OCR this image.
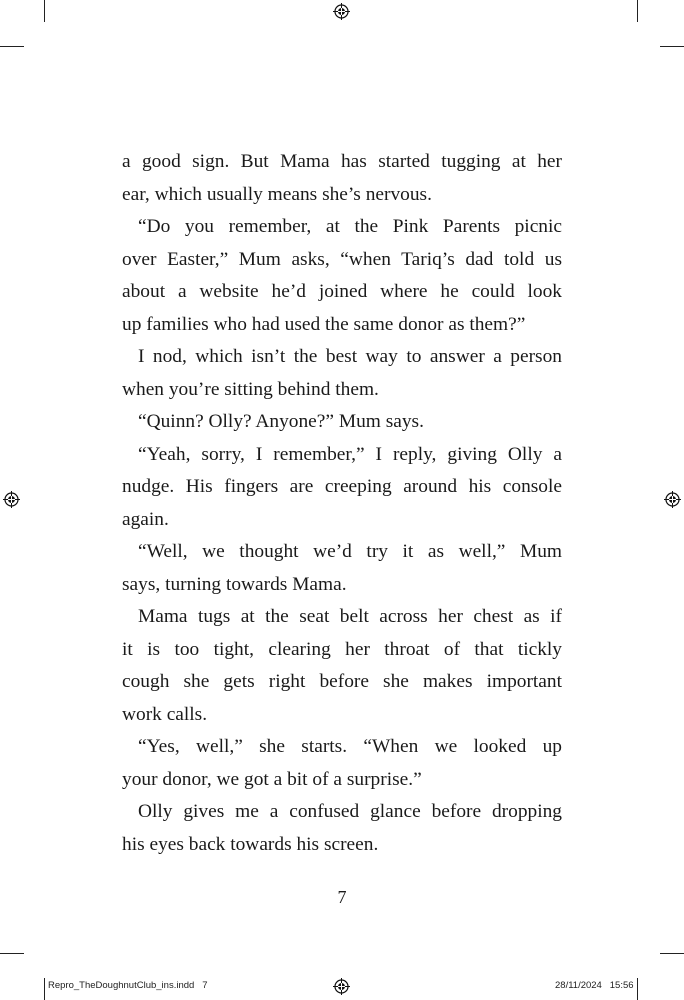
a good sign. But Mama has started tugging at her
ear, which usually means she’s nervous.
“Do you remember, at the Pink Parents picnic
over Easter,” Mum asks, “when Tariq’s dad told us
about a website he’d joined where he could look
up families who had used the same donor as them?”
I nod, which isn’t the best way to answer a person
when you’re sitting behind them.
“Quinn? Olly? Anyone?” Mum says.
“Yeah, sorry, I remember,” I reply, giving Olly a
nudge. His fingers are creeping around his console
again.
“Well, we thought we’d try it as well,” Mum
says, turning towards Mama.
Mama tugs at the seat belt across her chest as if
it is too tight, clearing her throat of that tickly
cough she gets right before she makes important
work calls.
“Yes, well,” she starts. “When we looked up
your donor, we got a bit of a surprise.”
Olly gives me a confused glance before dropping
his eyes back towards his screen.
7
Repro_TheDoughnutClub_ins.indd   7	28/11/2024   15:56
